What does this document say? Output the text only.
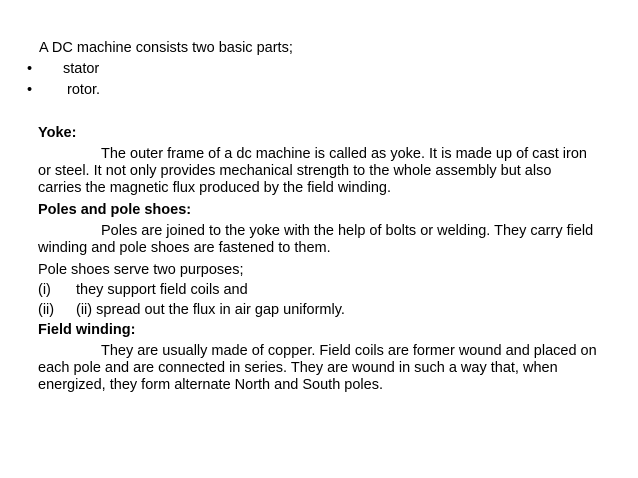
A DC machine consists two basic parts;
•	stator
•	rotor.
Yoke:

The outer frame of a dc machine is called as yoke. It is made up of cast iron or steel. It not only provides mechanical strength to the whole assembly but also carries the magnetic flux produced by the field winding.

Poles and pole shoes:

Poles are joined to the yoke with the help of bolts or welding. They carry field winding and pole shoes are fastened to them.

Pole shoes serve two purposes;
(i)	they support field coils and
(ii)	(ii) spread out the flux in air gap uniformly.
Field winding:

They are usually made of copper. Field coils are former wound and placed on each pole and are connected in series. They are wound in such a way that, when energized, they form alternate North and South poles.
